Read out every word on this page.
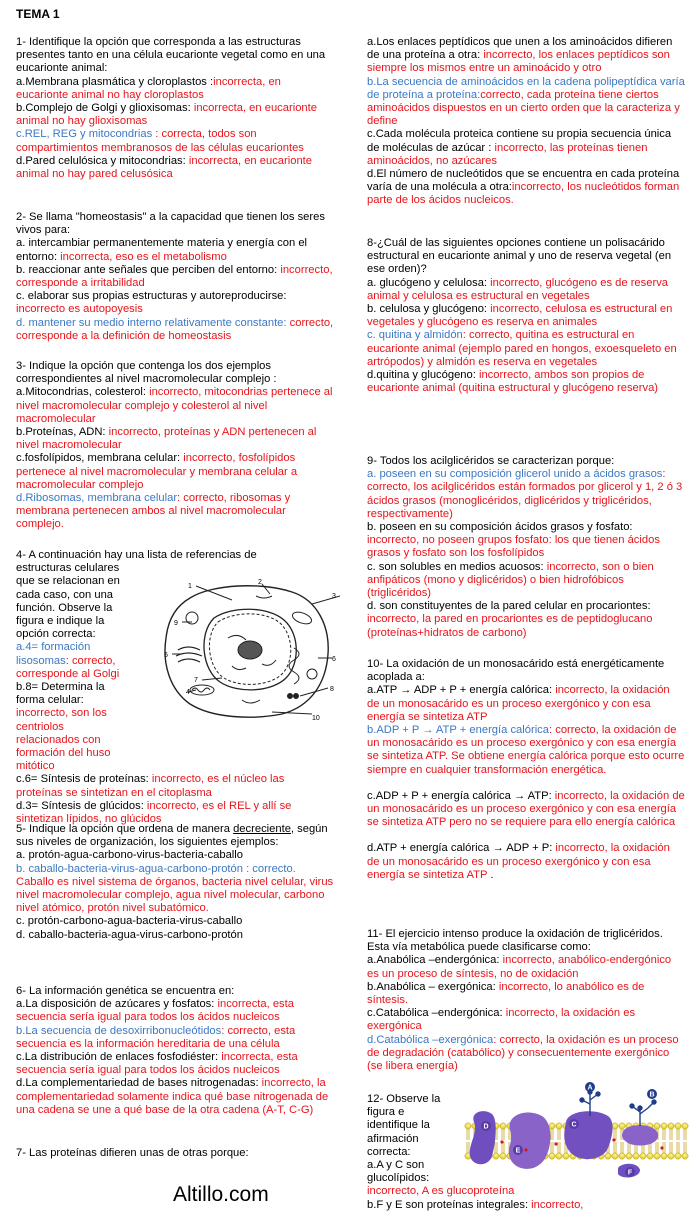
TEMA 1

1- Identifique la opción que corresponda a las estructuras presentes tanto en una célula eucarionte vegetal como en una eucarionte animal:

a.Membrana plasmática y cloroplastos :incorrecta, en eucarionte animal no hay cloroplastos

b.Complejo de Golgi y glioxisomas: incorrecta, en eucarionte animal no hay glioxisomas

c.REL, REG y mitocondrias : correcta, todos son compartimientos membranosos de las células eucariontes

d.Pared celulósica y mitocondrias: incorrecta, en eucarionte animal no hay pared celusósica

2- Se llama "homeostasis" a la capacidad que tienen los seres vivos para:

a. intercambiar permanentemente materia y energía con el entorno: incorrecta, eso es el metabolismo

b. reaccionar ante señales que perciben del entorno: incorrecto, corresponde a irritabilidad

c. elaborar sus propias estructuras y autoreproducirse: incorrecto es autopoyesis

d. mantener su medio interno relativamente constante: correcto, corresponde a la definición de homeostasis

3- Indique la opción que contenga los dos ejemplos correspondientes al nivel macromolecular complejo :

a.Mitocondrias, colesterol: incorrecto, mitocondrias pertenece al nivel macromolecular complejo y colesterol al nivel macromolecular

b.Proteínas, ADN: incorrecto, proteínas y ADN pertenecen al nivel macromolecular

c.fosfolípidos, membrana celular: incorrecto, fosfolípidos pertenece al nivel macromolecular y membrana celular a macromolecular complejo

d.Ribosomas, membrana celular: correcto, ribosomas y membrana pertenecen ambos al nivel macromolecular complejo.

4- A continuación hay una lista de referencias de estructuras celulares

que se relacionan en cada caso, con una función. Observe la figura e indique la opción correcta:

a.4= formación lisosomas: correcto, corresponde al Golgi

b.8= Determina la forma celular: incorrecto, son los centriolos relacionados con formación del huso mitótico

c.6= Síntesis de proteínas: incorrecto, es el núcleo las proteínas se sintetizan en el citoplasma

d.3= Síntesis de glúcidos: incorrecto, es el REL y allí se sintetizan lípidos, no glúcidos

1
2
3
4
5
6
7
8
9
10

5- Indique la opción que ordena de manera decreciente, según sus niveles de organización, los siguientes ejemplos:

a. protón-agua-carbono-virus-bacteria-caballo

b. caballo-bacteria-virus-agua-carbono-protón : correcto.

Caballo es nivel sistema de órganos, bacteria nivel celular, virus nivel macromolecular complejo, agua nivel molecular, carbono nivel atómico, protón nivel subatómico.

c. protón-carbono-agua-bacteria-virus-caballo

d. caballo-bacteria-agua-virus-carbono-protón

6- La información genética se encuentra en:

a.La disposición de azúcares y fosfatos: incorrecta, esta secuencia sería igual para todos los ácidos nucleicos

b.La secuencia de desoxirribonucleótidos: correcto, esta secuencia es la información hereditaria de una célula

c.La distribución de enlaces fosfodiéster: incorrecta, esta secuencia sería igual para todos los ácidos nucleicos

d.La complementariedad de bases nitrogenadas: incorrecto, la complementariedad solamente indica qué base nitrogenada de una cadena se une a qué base de la otra cadena (A-T, C-G)

7- Las proteínas difieren unas de otras porque:

a.Los enlaces peptídicos que unen a los aminoácidos difieren de una proteína a otra: incorrecto, los enlaces peptídicos son siempre los mismos entre un aminoácido y otro

b.La secuencia de aminoácidos en la cadena polipeptídica varía de proteína a proteína:correcto, cada proteína tiene ciertos aminoácidos dispuestos en un cierto orden que la caracteriza y define

c.Cada molécula proteica contiene su propia secuencia única de moléculas de azúcar : incorrecto, las proteínas tienen aminoácidos, no azúcares

d.El número de nucleótidos que se encuentra en cada proteína varía de una molécula a otra:incorrecto, los nucleótidos forman parte de los ácidos nucleicos.

8-¿Cuál de las siguientes opciones contiene un polisacárido estructural en eucarionte animal y uno de reserva vegetal (en ese orden)?

a. glucógeno y celulosa: incorrecto, glucógeno es de reserva animal y celulosa es estructural en vegetales

b. celulosa y glucógeno: incorrecto, celulosa es estructural en vegetales y glucógeno es reserva en animales

c. quitina y almidón: correcto, quitina es estructural en eucarionte animal (ejemplo pared en hongos, exoesqueleto en artrópodos) y almidón es reserva en vegetales

d.quitina y glucógeno: incorrecto, ambos son propios de eucarionte animal (quitina estructural y glucógeno reserva)

9- Todos los acilglicéridos se caracterizan porque:

a. poseen en su composición glicerol unido a ácidos grasos: correcto, los acilglicéridos están formados por glicerol y 1, 2 ó 3 ácidos grasos (monoglicéridos, diglicéridos y triglicéridos, respectivamente)

b. poseen en su composición ácidos grasos y fosfato: incorrecto, no poseen grupos fosfato: los que tienen ácidos grasos y fosfato son los fosfolípidos

c. son solubles en medios acuosos: incorrecto, son o bien anfipáticos (mono y diglicéridos) o bien hidrofóbicos (triglicéridos)

d. son constituyentes de la pared celular en procariontes: incorrecto, la pared en procariontes es de peptidoglucano (proteínas+hidratos de carbono)

10- La oxidación de un monosacárido está energéticamente acoplada a:

a.ATP → ADP + P + energía calórica: incorrecto, la oxidación de un monosacárido es un proceso exergónico y con esa energía se sintetiza ATP

b.ADP + P → ATP + energía calórica: correcto, la oxidación de un monosacárido es un proceso exergónico y con esa energía se sintetiza ATP. Se obtiene energía calórica porque esto ocurre siempre en cualquier transformación energética.

c.ADP + P + energía calórica → ATP: incorrecto, la oxidación de un monosacárido es un proceso exergónico y con esa energía se sintetiza ATP pero no se requiere para ello energía calórica

d.ATP + energía calórica → ADP + P: incorrecto, la oxidación de un monosacárido es un proceso exergónico y con esa energía se sintetiza ATP .

11- El ejercicio intenso produce la oxidación de triglicéridos. Esta vía metabólica puede clasificarse como:

a.Anabólica –endergónica: incorrecto, anabólico-endergónico es un proceso de síntesis, no de oxidación

b.Anabólica – exergónica: incorrecto, lo anabólico es de síntesis.

c.Catabólica –endergónica: incorrecto, la oxidación es exergónica

d.Catabólica –exergónica: correcto, la oxidación es un proceso de degradación (catabólico) y consecuentemente exergónico (se libera energía)

12- Observe la figura e identifique la afirmación correcta:

a.A y C son glucolípidos:

incorrecto, A es glucoproteína

b.F y E son proteínas integrales: incorrecto,

A
B
C
D
E
F
Altillo.com
